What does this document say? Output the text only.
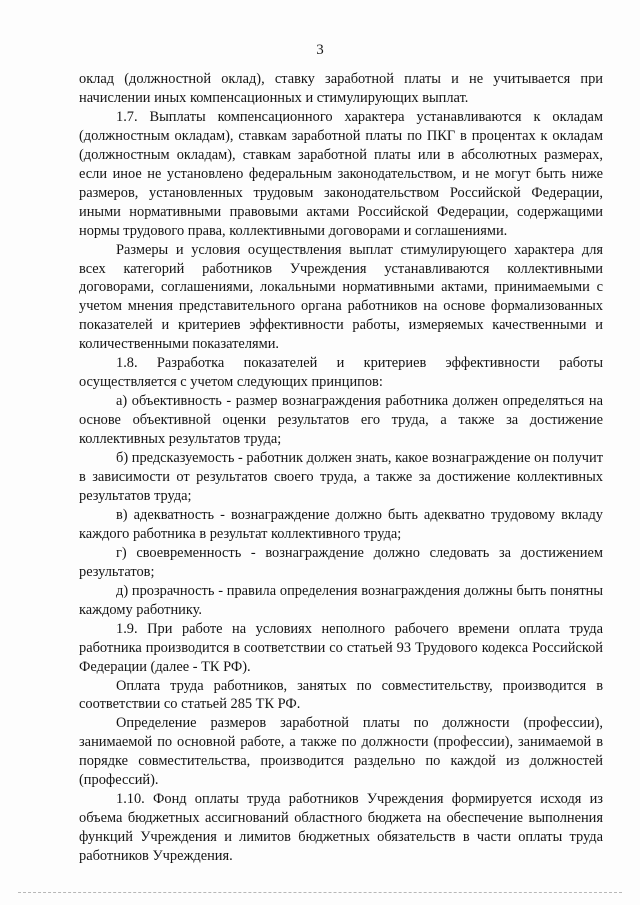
3

оклад (должностной оклад), ставку заработной платы и не учитывается при начислении иных компенсационных и стимулирующих выплат.

1.7. Выплаты компенсационного характера устанавливаются к окладам (должностным окладам), ставкам заработной платы по ПКГ в процентах к окладам (должностным окладам), ставкам заработной платы или в абсолютных размерах, если иное не установлено федеральным законодательством, и не могут быть ниже размеров, установленных трудовым законодательством Российской Федерации, иными нормативными правовыми актами Российской Федерации, содержащими нормы трудового права, коллективными договорами и соглашениями.

Размеры и условия осуществления выплат стимулирующего характера для всех категорий работников Учреждения устанавливаются коллективными договорами, соглашениями, локальными нормативными актами, принимаемыми с учетом мнения представительного органа работников на основе формализованных показателей и критериев эффективности работы, измеряемых качественными и количественными показателями.

1.8. Разработка показателей и критериев эффективности работы осуществляется с учетом следующих принципов:

а) объективность - размер вознаграждения работника должен определяться на основе объективной оценки результатов его труда, а также за достижение коллективных результатов труда;

б) предсказуемость - работник должен знать, какое вознаграждение он получит в зависимости от результатов своего труда, а также за достижение коллективных результатов труда;

в) адекватность - вознаграждение должно быть адекватно трудовому вкладу каждого работника в результат коллективного труда;

г) своевременность - вознаграждение должно следовать за достижением результатов;

д) прозрачность - правила определения вознаграждения должны быть понятны каждому работнику.

1.9. При работе на условиях неполного рабочего времени оплата труда работника производится в соответствии со статьей 93 Трудового кодекса Российской Федерации (далее - ТК РФ).

Оплата труда работников, занятых по совместительству, производится в соответствии со статьей 285 ТК РФ.

Определение размеров заработной платы по должности (профессии), занимаемой по основной работе, а также по должности (профессии), занимаемой в порядке совместительства, производится раздельно по каждой из должностей (профессий).

1.10. Фонд оплаты труда работников Учреждения формируется исходя из объема бюджетных ассигнований областного бюджета на обеспечение выполнения функций Учреждения и лимитов бюджетных обязательств в части оплаты труда работников Учреждения.
